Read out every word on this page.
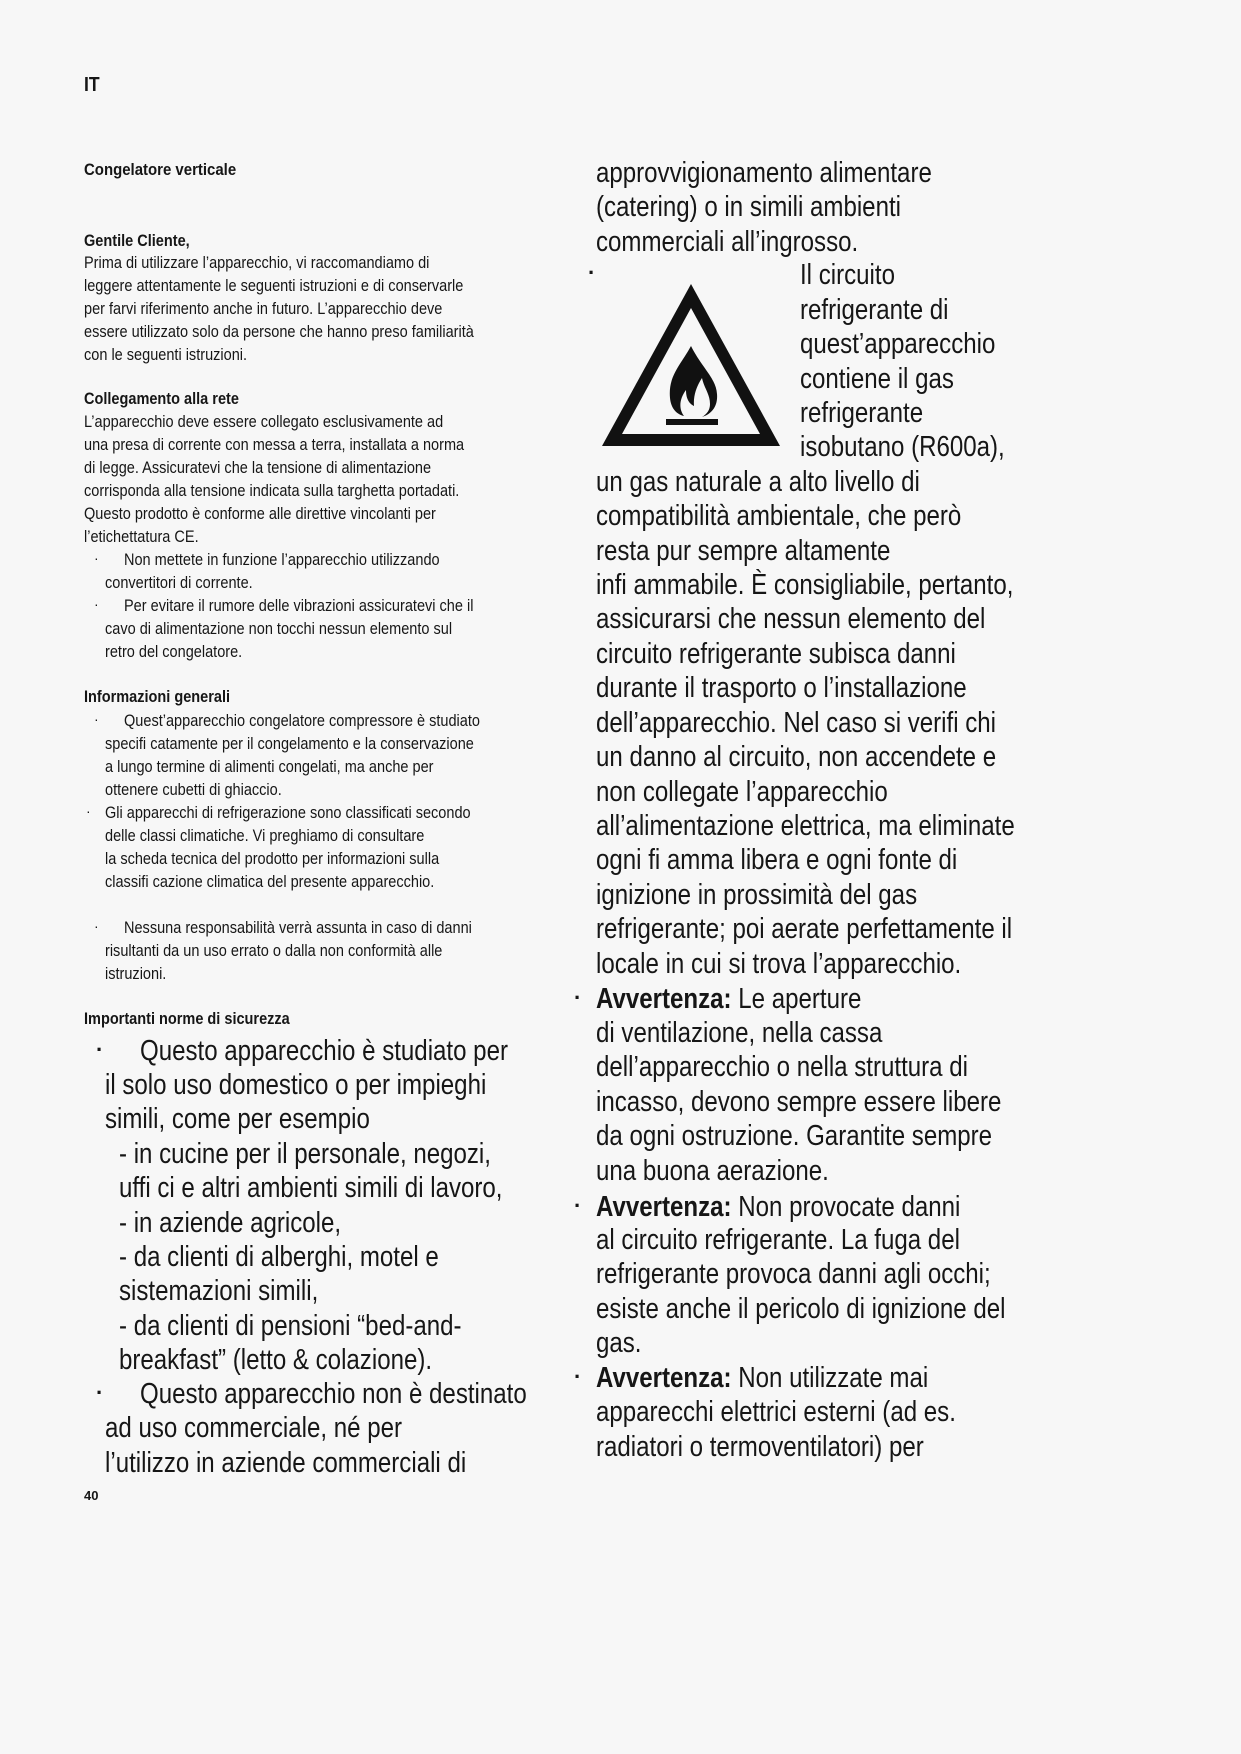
IT
Congelatore verticale
Gentile Cliente,
Prima di utilizzare l’apparecchio, vi raccomandiamo di
leggere attentamente le seguenti istruzioni e di conservarle
per farvi riferimento anche in futuro. L’apparecchio deve
essere utilizzato solo da persone che hanno preso familiarità
con le seguenti istruzioni.
Collegamento alla rete
L’apparecchio deve essere collegato esclusivamente ad
una presa di corrente con messa a terra, installata a norma
di legge. Assicuratevi che la tensione di alimentazione
corrisponda alla tensione indicata sulla targhetta portadati.
Questo prodotto è conforme alle direttive vincolanti per
l’etichettatura CE.
· Non mettete in funzione l’apparecchio utilizzando
convertitori di corrente.
· Per evitare il rumore delle vibrazioni assicuratevi che il
cavo di alimentazione non tocchi nessun elemento sul
retro del congelatore.
Informazioni generali
· Quest’apparecchio congelatore compressore è studiato
specifi catamente per il congelamento e la conservazione
a lungo termine di alimenti congelati, ma anche per
ottenere cubetti di ghiaccio.
· Gli apparecchi di refrigerazione sono classificati secondo
delle classi climatiche. Vi preghiamo di consultare
la scheda tecnica del prodotto per informazioni sulla
classifi cazione climatica del presente apparecchio.
· Nessuna responsabilità verrà assunta in caso di danni
risultanti da un uso errato o dalla non conformità alle
istruzioni.
Importanti norme di sicurezza
· Questo apparecchio è studiato per
il solo uso domestico o per impieghi
simili, come per esempio
- in cucine per il personale, negozi,
uffi ci e altri ambienti simili di lavoro,
- in aziende agricole,
- da clienti di alberghi, motel e
sistemazioni simili,
- da clienti di pensioni “bed-and-
breakfast” (letto & colazione).
· Questo apparecchio non è destinato
ad uso commerciale, né per
l’utilizzo in aziende commerciali di
40
approvvigionamento alimentare
(catering) o in simili ambienti
commerciali all’ingrosso.
·	Il circuito
refrigerante di
quest’apparecchio
contiene il gas
refrigerante
isobutano (R600a),
un gas naturale a alto livello di
compatibilità ambientale, che però
resta pur sempre altamente
infi ammabile. È consigliabile, pertanto,
assicurarsi che nessun elemento del
circuito refrigerante subisca danni
durante il trasporto o l’installazione
dell’apparecchio. Nel caso si verifi chi
un danno al circuito, non accendete e
non collegate l’apparecchio
all’alimentazione elettrica, ma eliminate
ogni fi amma libera e ogni fonte di
ignizione in prossimità del gas
refrigerante; poi aerate perfettamente il
locale in cui si trova l’apparecchio.
· Avvertenza: Le aperture
di ventilazione, nella cassa
dell’apparecchio o nella struttura di
incasso, devono sempre essere libere
da ogni ostruzione. Garantite sempre
una buona aerazione.
· Avvertenza: Non provocate danni
al circuito refrigerante. La fuga del
refrigerante provoca danni agli occhi;
esiste anche il pericolo di ignizione del
gas.
· Avvertenza: Non utilizzate mai
apparecchi elettrici esterni (ad es.
radiatori o termoventilatori) per
